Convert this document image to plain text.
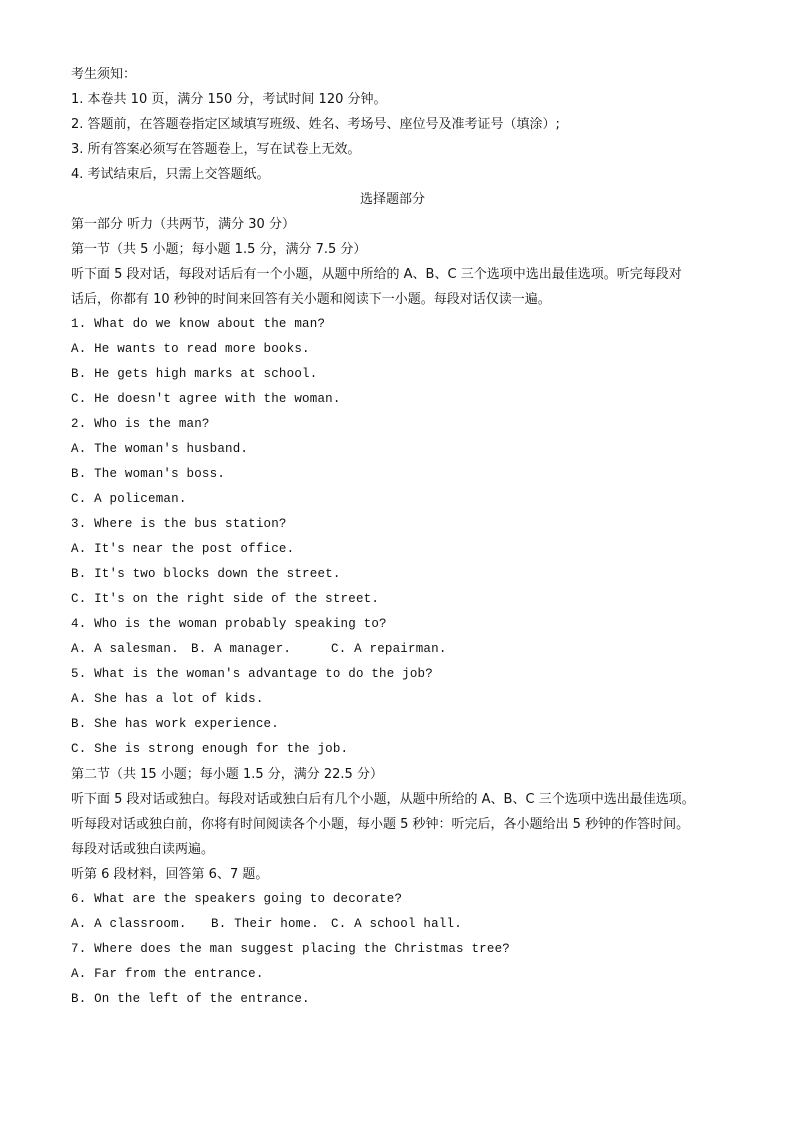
考生须知：
1. 本卷共 10 页，满分 150 分，考试时间 120 分钟。
2. 答题前，在答题卷指定区域填写班级、姓名、考场号、座位号及准考证号（填涂）;
3. 所有答案必须写在答题卷上，写在试卷上无效。
4. 考试结束后，只需上交答题纸。
选择题部分
第一部分 听力（共两节，满分 30 分）
第一节（共 5 小题；每小题 1.5 分，满分 7.5 分）
听下面 5 段对话，每段对话后有一个小题，从题中所给的 A、B、C 三个选项中选出最佳选项。听完每段对
话后，你都有 10 秒钟的时间来回答有关小题和阅读下一小题。每段对话仅读一遍。
1. What do we know about the man?
A. He wants to read more books.
B. He gets high marks at school.
C. He doesn't agree with the woman.
2. Who is the man?
A. The woman's husband.
B. The woman's boss.
C. A policeman.
3. Where is the bus station?
A. It's near the post office.
B. It's two blocks down the street.
C. It's on the right side of the street.
4. Who is the woman probably speaking to?
A. A salesman. B. A manager.	C. A repairman.
5. What is the woman's advantage to do the job?
A. She has a lot of kids.
B. She has work experience.
C. She is strong enough for the job.
第二节（共 15 小题；每小题 1.5 分，满分 22.5 分）
听下面 5 段对话或独白。每段对话或独白后有几个小题，从题中所给的 A、B、C 三个选项中选出最佳选项。
听每段对话或独白前，你将有时间阅读各个小题，每小题 5 秒钟：听完后，各小题给出 5 秒钟的作答时间。
每段对话或独白读两遍。
听第 6 段材料，回答第 6、7 题。
6. What are the speakers going to decorate?
A. A classroom. B. Their home. C. A school hall.
7. Where does the man suggest placing the Christmas tree?
A. Far from the entrance.
B. On the left of the entrance.
